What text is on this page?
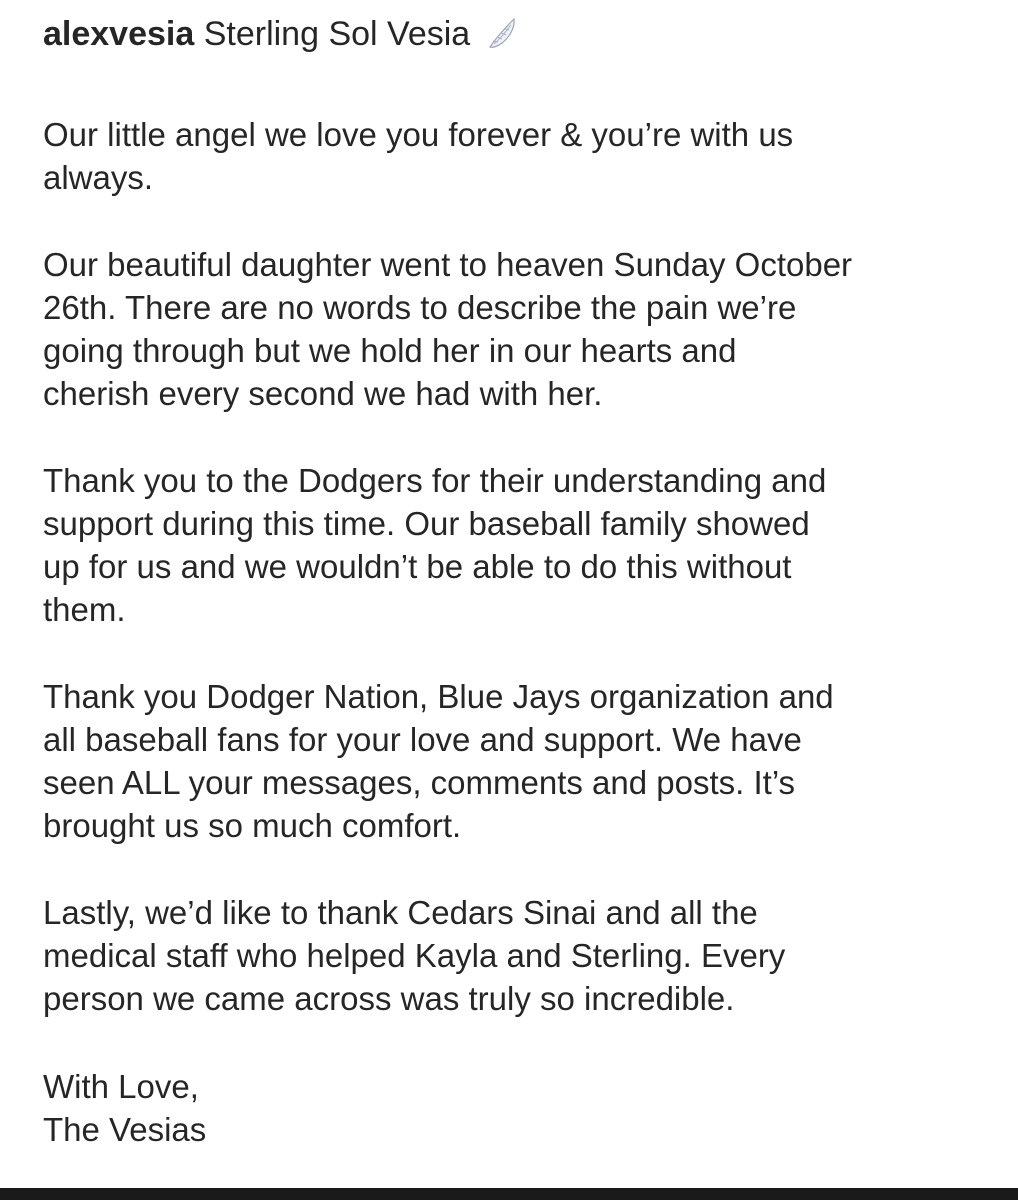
alexvesia Sterling Sol Vesia

Our little angel we love you forever & you’re with us
always.

Our beautiful daughter went to heaven Sunday October
26th. There are no words to describe the pain we’re
going through but we hold her in our hearts and
cherish every second we had with her.

Thank you to the Dodgers for their understanding and
support during this time. Our baseball family showed
up for us and we wouldn’t be able to do this without
them.

Thank you Dodger Nation, Blue Jays organization and
all baseball fans for your love and support. We have
seen ALL your messages, comments and posts. It’s
brought us so much comfort.

Lastly, we’d like to thank Cedars Sinai and all the
medical staff who helped Kayla and Sterling. Every
person we came across was truly so incredible.

With Love,
The Vesias
